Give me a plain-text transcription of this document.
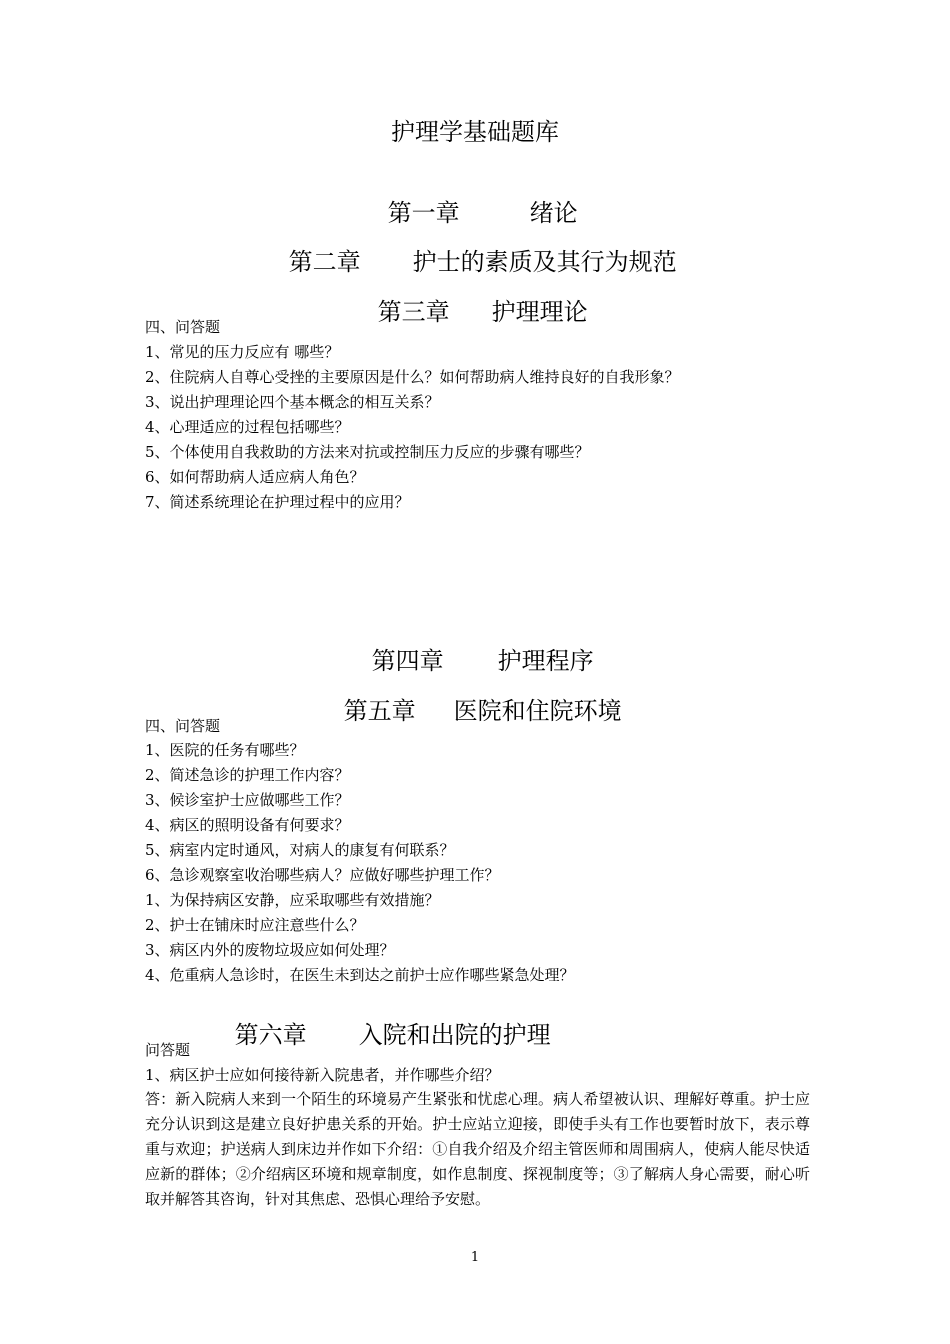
护理学基础题库

第一章	绪论

第二章 护士的素质及其行为规范

第三章 护理理论

四、问答题
1、常见的压力反应有 哪些？
2、住院病人自尊心受挫的主要原因是什么？如何帮助病人维持良好的自我形象？
3、说出护理理论四个基本概念的相互关系？
4、心理适应的过程包括哪些？
5、个体使用自我救助的方法来对抗或控制压力反应的步骤有哪些？
6、如何帮助病人适应病人角色？
7、简述系统理论在护理过程中的应用？

第四章 护理程序

第五章 医院和住院环境

四、问答题
1、医院的任务有哪些？
2、简述急诊的护理工作内容？
3、候诊室护士应做哪些工作？
4、病区的照明设备有何要求？
5、病室内定时通风，对病人的康复有何联系？
6、急诊观察室收治哪些病人？应做好哪些护理工作？
1、为保持病区安静，应采取哪些有效措施？
2、护士在铺床时应注意些什么？
3、病区内外的废物垃圾应如何处理？
4、危重病人急诊时，在医生未到达之前护士应作哪些紧急处理？

第六章 入院和出院的护理

问答题
1、病区护士应如何接待新入院患者，并作哪些介绍？
答：新入院病人来到一个陌生的环境易产生紧张和忧虑心理。病人希望被认识、理解好尊重。护士应充分认识到这是建立良好护患关系的开始。护士应站立迎接，即使手头有工作也要暂时放下，表示尊重与欢迎；护送病人到床边并作如下介绍：①自我介绍及介绍主管医师和周围病人，使病人能尽快适应新的群体；②介绍病区环境和规章制度，如作息制度、探视制度等；③了解病人身心需要，耐心听取并解答其咨询，针对其焦虑、恐惧心理给予安慰。
1
